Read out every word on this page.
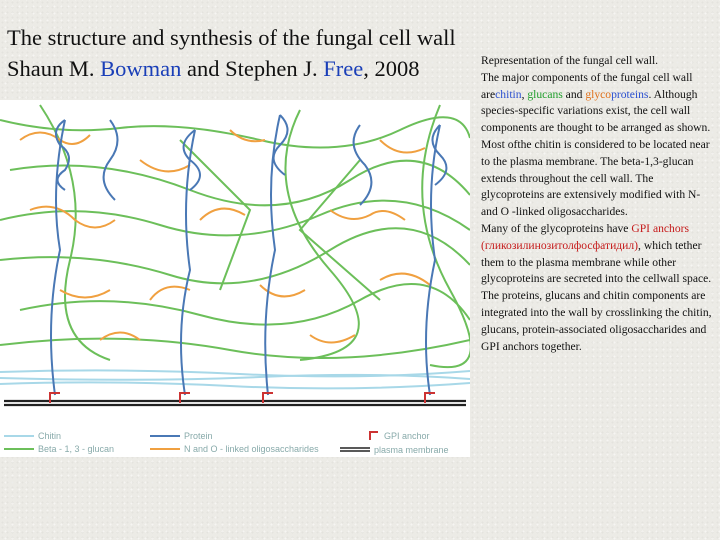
The structure and synthesis of the fungal cell wall

Shaun M. Bowman and Stephen J. Free, 2008

Chitin
Beta - 1, 3 - glucan
Protein
N and O - linked oligosaccharides
GPI anchor
plasma membrane
Representation of the fungal cell wall.
The major components of the fungal cell wall arechitin, glucans and glycoproteins. Although species-specific variations exist, the cell wall components are thought to be arranged as shown. Most ofthe chitin is considered to be located near to the plasma membrane. The beta-1,3-glucan extends throughout the cell wall. The glycoproteins are extensively modified with N- and O -linked oligosaccharides.
Many of the glycoproteins have GPI anchors (гликозилинозитолфосфатидил), which tether them to the plasma membrane while other glycoproteins are secreted into the cellwall space. The proteins, glucans and chitin components are integrated into the wall by crosslinking the chitin, glucans, protein-associated oligosaccharides and GPI anchors together.
